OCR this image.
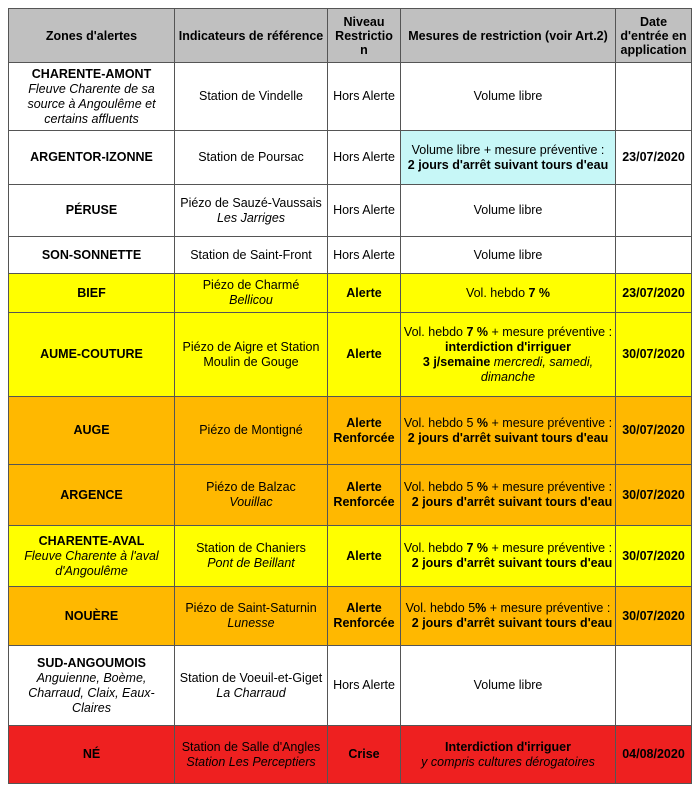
Zones d'alertes	Indicateurs de référence	Niveau Restrictio n	Mesures de restriction (voir Art.2)	Date d'entrée en application

CHARENTE-AMONT
Fleuve Charente de sa source à Angoulême et certains affluents	Station de Vindelle	Hors Alerte	Volume libre	

ARGENTOR-IZONNE	Station de Poursac	Hors Alerte	Volume libre + mesure préventive :
2 jours d'arrêt suivant tours d'eau	23/07/2020

PÉRUSE	Piézo de Sauzé-Vaussais
Les Jarriges	Hors Alerte	Volume libre	

SON-SONNETTE	Station de Saint-Front	Hors Alerte	Volume libre	

BIEF	Piézo de Charmé
Bellicou	Alerte	Vol. hebdo 7 %	23/07/2020

AUME-COUTURE	Piézo de Aigre et Station Moulin de Gouge	Alerte	Vol. hebdo 7 % + mesure préventive :
interdiction d'irriguer
3 j/semaine mercredi, samedi, dimanche	30/07/2020

AUGE	Piézo de Montigné	Alerte Renforcée	Vol. hebdo 5 % + mesure préventive :
2 jours d'arrêt suivant tours d'eau	30/07/2020

ARGENCE	Piézo de Balzac
Vouillac	Alerte Renforcée	Vol. hebdo 5 % + mesure préventive :
2 jours d'arrêt suivant tours d'eau	30/07/2020

CHARENTE-AVAL
Fleuve Charente à l'aval d'Angoulême	Station de Chaniers
Pont de Beillant	Alerte	Vol. hebdo 7 % + mesure préventive :
2 jours d'arrêt suivant tours d'eau	30/07/2020

NOUÈRE	Piézo de Saint-Saturnin
Lunesse	Alerte Renforcée	Vol. hebdo 5% + mesure préventive :
2 jours d'arrêt suivant tours d'eau	30/07/2020

SUD-ANGOUMOIS
Anguienne, Boème, Charraud, Claix, Eaux-Claires	Station de Voeuil-et-Giget
La Charraud	Hors Alerte	Volume libre	

NÉ	Station de Salle d'Angles
Station Les Perceptiers	Crise	Interdiction d'irriguer
y compris cultures dérogatoires	04/08/2020
